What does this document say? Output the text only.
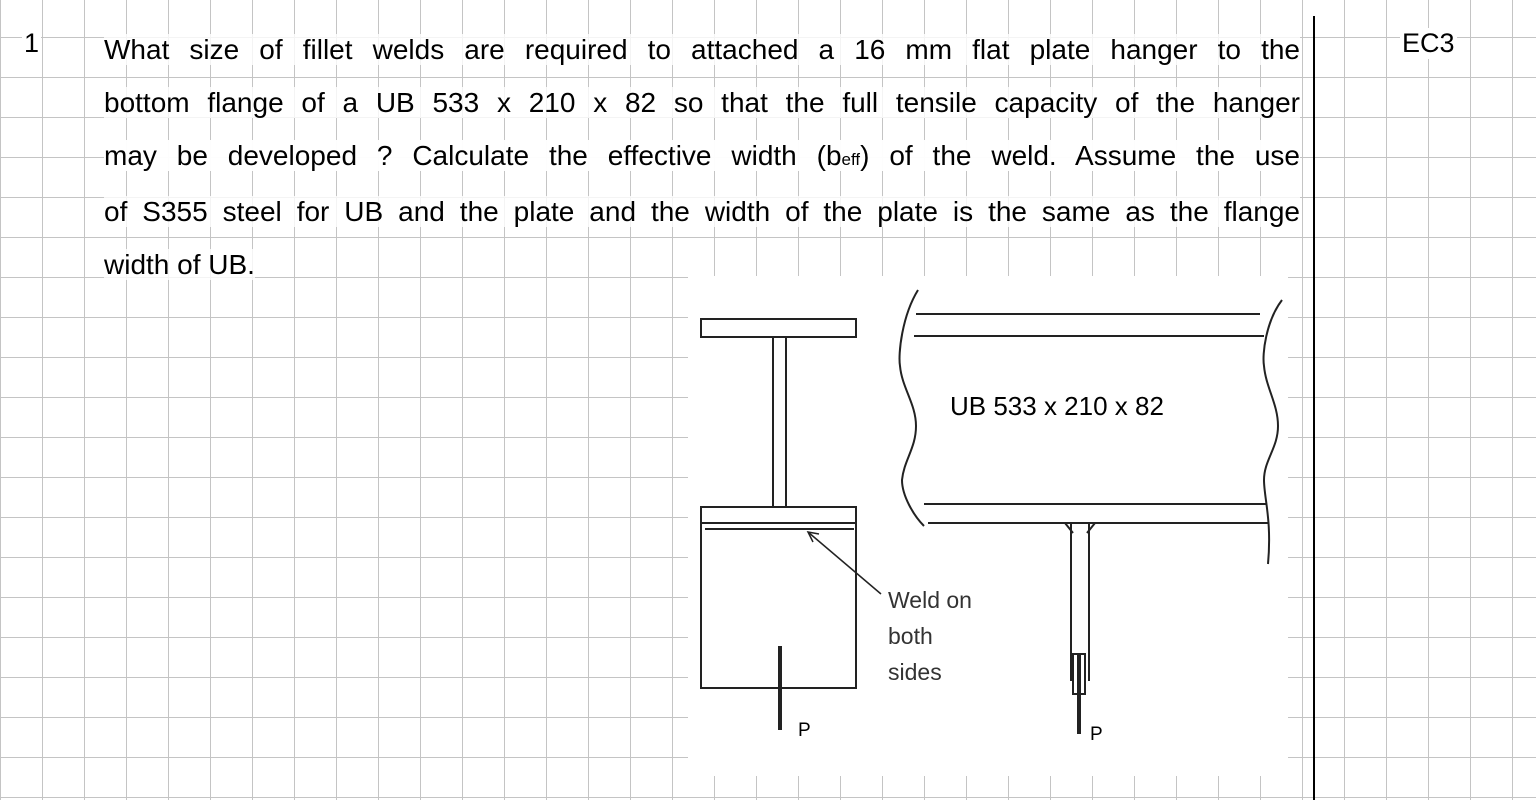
1 What size of fillet welds are required to attached a 16 mm flat plate hanger to the
bottom flange of a UB 533 x 210 x 82 so that the full tensile capacity of the hanger
may be developed ? Calculate the effective width (beff) of the weld. Assume the use
of S355 steel for UB and the plate and the width of the plate is the same as the flange
width of UB.

EC3
UB 533 x 210 x 82
Weld on
both
sides
P	P
